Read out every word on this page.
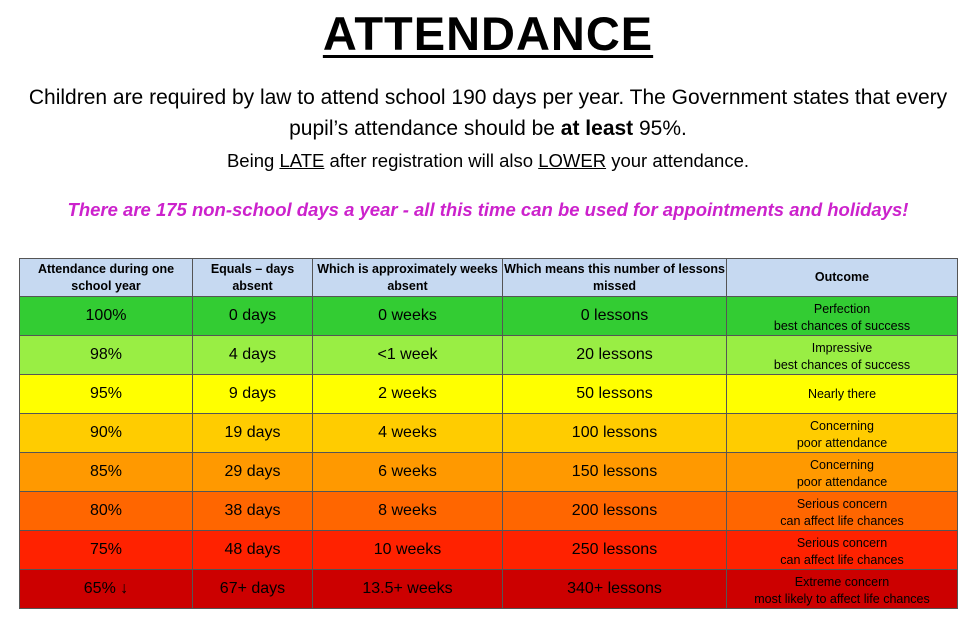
ATTENDANCE
Children are required by law to attend school 190 days per year. The Government states that every pupil’s attendance should be at least 95%.
Being LATE after registration will also LOWER your attendance.
There are 175 non-school days a year - all this time can be used for appointments and holidays!
Attendance during one school year	Equals – days absent	Which is approximately weeks absent	Which means this number of lessons missed	Outcome
100%	0 days	0 weeks	0 lessons	Perfection
best chances of success

98%	4 days	<1 week	20 lessons	Impressive
best chances of success

95%	9 days	2 weeks	50 lessons	Nearly there

90%	19 days	4 weeks	100 lessons	Concerning
poor attendance

85%	29 days	6 weeks	150 lessons	Concerning
poor attendance

80%	38 days	8 weeks	200 lessons	Serious concern
can affect life chances

75%	48 days	10 weeks	250 lessons	Serious concern
can affect life chances

65% ↓	67+ days	13.5+ weeks	340+ lessons	Extreme concern
most likely to affect life chances
